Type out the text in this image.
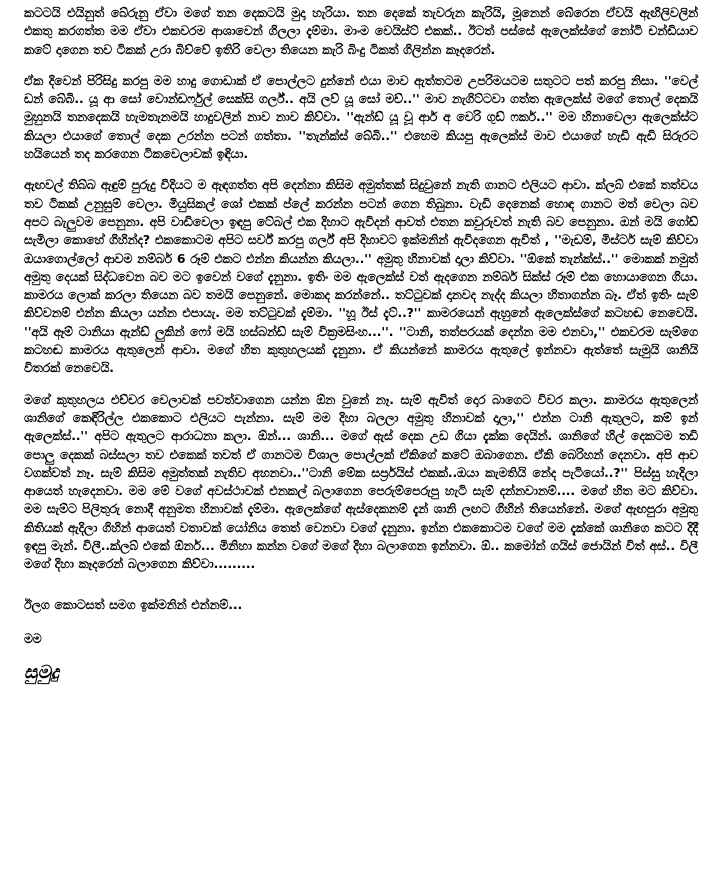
කටටයි එයිනුත් බේරුනු ඒවා මගේ තන දෙකටයි මුදා හැරියා. තන දෙකේ තැවරුන කැරියි, මූනෙන් බේරෙන ඒවයි ඇඟිලිවලින් එකතු කරගත්ත මම ඒවා එකවරම ආශාවෙන් ගිලලා දැම්මා. මාංම වෙයිස්ට් එකක්.. ඊටත් පස්සේ ඇලෙක්ස්ගේ නෝටි චන්ඩියාව කටේ දාගෙන තව ටිකක් උරා බිව්වේ ඉතිරි වෙලා තියෙන කැරි බිංදු ටිකත් ගිලින්න කෑදරෙන්.

ඒක දිවෙන් පිරිසිදු කරපු මම හාදු ගොඩාක් ඒ පොල්ලට දුන්නේ එයා මාව ඇත්තටම උපරිමයටම සතුටට පත් කරපු නිසා. ''වෙල් ඩන් බේබි.. යූ ආ සෝ වොන්ඩර්ෆුල් සෙක්සි ගර්ල්.. අයි ලව් යූ සෝ මච්..'' මාව නැගිට්ටවා ගත්ත ඇලෙක්ස් මගේ තොල් දෙකයි මුහුනයි තනදෙකයි හැමතැනමයි හාදුවලින් නාව නාව කිව්වා. ''ඇන්ඩ් යූ වූ ආර් අ වෙරි ගුඩ් ෆකර්..'' මම හිනාවෙලා ඇලෙක්ස්ට කියලා එයාගේ තොල් දෙක උරන්න පටන් ගත්තා. ''තැන්ක්ස් බේබි..'' එහෙම කියපු ඇලෙක්ස් මාව එයාගේ හැඩි ඇඩි සිරුරට හයියෙන් තද කරගෙන ටිකවෙලාවක් ඉඳියා.

ඇඟවල් තිබ්බ ඇඳුම් පුරුදු විදියට ම ඇඳගත්ත අපි දෙන්නා කිසිම අමුත්තක් සිදුවුනේ නැති ගානට එලියට ආවා. ක්ලබ් එකේ තත්වය තව ටිකක් උනුසුම් වෙලා. මියුසිකල් ශෝ එකක් ප්ලේ කරන්න පටන් ගෙන තිබුනා. වැඩි දෙනෙක් හොඳ ගානට මත් වෙලා බව අපට බැලුවම පෙනුනා. අපි වාඩිවෙලා ඉඳපු ටේබල් එක දිහාට ඇවිදන් ආවත් එතන කවුරුවත් නැති බව පෙනුනා. ඔන් මයි ගෝඩ් සැමිලා කොහේ ගිහින්ද? එකකොටම අපිට සර්ව් කරපු ගර්ල් අපි දිහාවට ඉක්මනින් ඇවිදගෙන ඇවිත් , ''මැඩම්, මිස්ටර් සැම් කිව්වා ඔයාගොල්ලෝ ආවම නම්බර් 6 රූම් එකට එන්න කියන්න කියලා..'' අමුතු හිනාවක් දාලා කිව්වා. ''ඕකේ තැන්ක්ස්..'' මොකක් නමුත් අමුතු දෙයක් සිද්ධවෙන බව මට ඉවෙන් වගේ දැනුනා. ඉතිං මම ඇලෙක්ස් වත් ඇදගෙන නම්බර් සික්ස් රූම් එක හොයාගෙන ගියා. කාමරය ලොක් කරලා තියෙන බව තමයි පෙනුනේ. මොකද කරන්නේ.. තට්ටුවක් දානවද නැද්ද කියලා හිතාගන්න බෑ. ඒත් ඉතිං සැම් කිව්වනම් එන්න කියලා යන්න එපායැ. මම තට්ටුවක් දැම්මා. ''හූ ඊස් දැට්..?'' කාමරයෙන් ඇහුනේ ඇලෙක්ස්ගේ කටහඬ නෙවෙයි. ''අයි ඈම් ටානියා ඇන්ඩ් ලුකින් ෆෝ මයි හස්බන්ඩ් සැම් වික්‍රමසිංහ...''. ''ටානි, තත්පරයක් දෙන්න මම එනවා,'' එකවරම සැම්ගෙ කටහඬ කාමරය ඇතුලෙන් ආවා. මගේ හිත කුතුහලයක් දැනුනා. ඒ කියන්නේ කාමරය ඇතුලේ ඉන්නවා ඇත්තේ සැමුයි ශානියි විතරක් නෙවෙයි.

මගේ කුතුහලය එච්චර වෙලාවක් පවත්වාගෙන යන්න ඕන වුනේ නෑ. සැම් ඇවිත් දොර බාගෙට විවර කලා. කාමරය ඇතුලෙන් ශානිගේ කෙඳිරිල්ල එකකොට එලියට පැන්නා. සැම් මම දිහා බලලා අමුතු හිනාවක් දාලා,'' එන්න ටානි ඇතුලට, කම් ඉන් ඇලෙක්ස්..'' අපිට ඇතුලට ආරාධනා කලා. ඕන්... ශානි... මගේ ඇස් දෙක උඩ ගියා දැක්ක දෙයින්. ශානිගේ හිල් දෙකටම තඩි පොලු දෙකක් බස්සලා තව එකෙක් තවත් ඒ ගානටම විශාල පොල්ලක් ඒකිගේ කටේ ඔබාගෙන. ඒකි බෙරිහන් දෙනවා. අපි ආව වගක්වත් නෑ. සැම් කිසිම අමුත්තක් නැතිව අහනවා..''ටානි මේක සර්ප්‍රයිස් එකක්..ඔයා කැමතියි නේද පැටියෝ..?'' පිස්සු හැදිලා ආයෙත් හැදෙනවා. මම මේ වගේ අවස්ථාවක් එනකල් බලාගෙන පෙරුම්පෙරුපු හැටි සැම් දන්නවානම්.... මගේ හිත මට කිව්වා. මම සැම්ට පිලිතුරු නොදී අනුමත හිනාවක් දැම්මා. ඇලෙක්ගේ ඇස්දෙකනම් දැන් ශානි ලඟට ගිහින් තියෙන්නේ. මගේ ඇඟපුරා අමුතු කිතියක් ඇදිලා ගිහින් ආයෙත් වතාවක් යෝනිය තෙත් වෙනවා වගේ දැනුනා. ඉන්න එකකොටම වගේ මම දැක්කේ ශානිගෙ කටට දිදී ඉඳපු මැන්. විලී..ක්ලබ් එකේ ඕනර්... මිනිහා කන්න වගේ මගේ දිහා බලාගෙන ඉන්නවා. ඕ.. කමෝන් ගයිස් ජොයින් විත් අස්.. විලී මගේ දිහා කෑදරෙන් බලාගෙන කිව්වා.........

ඊලග කොටසත් සමග ඉක්මනින් එන්නම්...

මම

සුමුදු
